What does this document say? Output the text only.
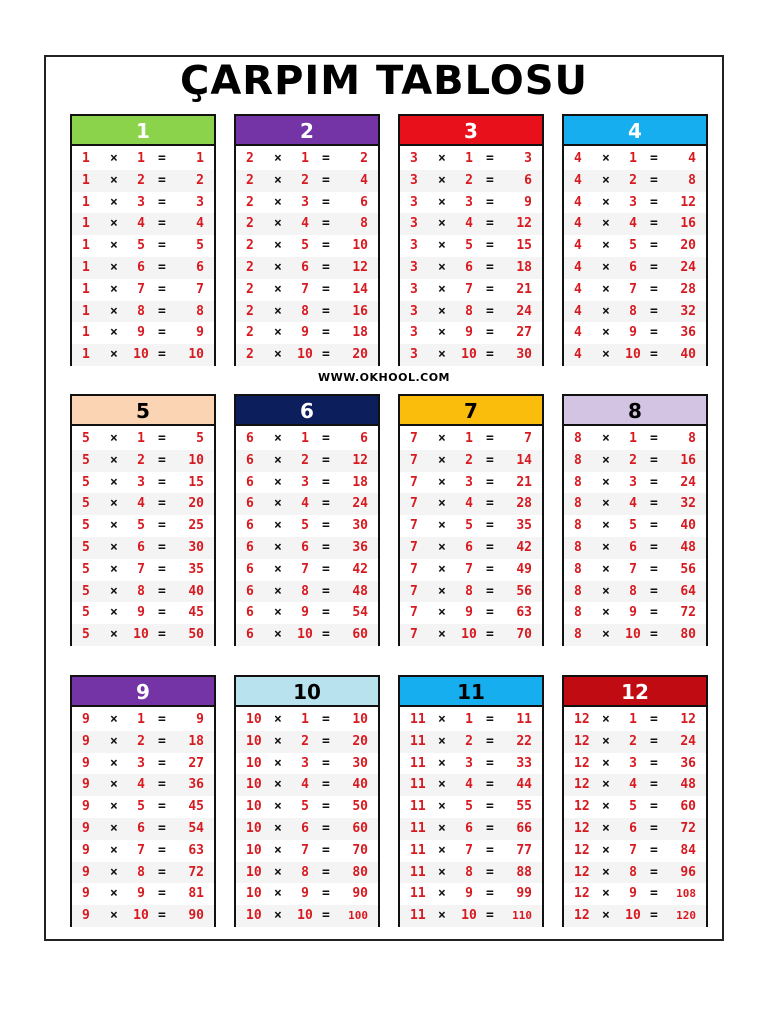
ÇARPIM TABLOSU
WWW.OKHOOL.COM
1
1 ×	1	= 1
1 ×	2	= 2
1 ×	3	= 3
1 ×	4	= 4
1 ×	5	= 5
1 ×	6	= 6
1 ×	7	= 7
1 ×	8	= 8
1 ×	9	= 9
1 × 10 = 10
2
2 ×	1	= 2
2 ×	2	= 4
2 ×	3	= 6
2 ×	4	= 8
2 ×	5	= 10
2 ×	6	= 12
2 ×	7	= 14
2 ×	8	= 16
2 ×	9	= 18
2 × 10 = 20
3
3 ×	1	= 3
3 ×	2	= 6
3 ×	3	= 9
3 ×	4	= 12
3 ×	5	= 15
3 ×	6	= 18
3 ×	7	= 21
3 ×	8	= 24
3 ×	9	= 27
3 × 10 = 30
4
4 ×	1	= 4
4 ×	2	= 8
4 ×	3	= 12
4 ×	4	= 16
4 ×	5	= 20
4 ×	6	= 24
4 ×	7	= 28
4 ×	8	= 32
4 ×	9	= 36
4 × 10 = 40
5
5 ×	1	= 5
5 ×	2	= 10
5 ×	3	= 15
5 ×	4	= 20
5 ×	5	= 25
5 ×	6	= 30
5 ×	7	= 35
5 ×	8	= 40
5 ×	9	= 45
5 × 10 = 50
6
6 ×	1	= 6
6 ×	2	= 12
6 ×	3	= 18
6 ×	4	= 24
6 ×	5	= 30
6 ×	6	= 36
6 ×	7	= 42
6 ×	8	= 48
6 ×	9	= 54
6 × 10 = 60
7
7 ×	1	= 7
7 ×	2	= 14
7 ×	3	= 21
7 ×	4	= 28
7 ×	5	= 35
7 ×	6	= 42
7 ×	7	= 49
7 ×	8	= 56
7 ×	9	= 63
7 × 10 = 70
8
8 ×	1	= 8
8 ×	2	= 16
8 ×	3	= 24
8 ×	4	= 32
8 ×	5	= 40
8 ×	6	= 48
8 ×	7	= 56
8 ×	8	= 64
8 ×	9	= 72
8 × 10 = 80
9
9 ×	1	= 9
9 ×	2	= 18
9 ×	3	= 27
9 ×	4	= 36
9 ×	5	= 45
9 ×	6	= 54
9 ×	7	= 63
9 ×	8	= 72
9 ×	9	= 81
9 × 10 = 90
10
10 ×	1	= 10
10 ×	2	= 20
10 ×	3	= 30
10 ×	4	= 40
10 ×	5	= 50
10 ×	6	= 60
10 ×	7	= 70
10 ×	8	= 80
10 ×	9	= 90
10 × 10 = 100
11
11 ×	1	= 11
11 ×	2	= 22
11 ×	3	= 33
11 ×	4	= 44
11 ×	5	= 55
11 ×	6	= 66
11 ×	7	= 77
11 ×	8	= 88
11 ×	9	= 99
11 × 10 = 110
12
12 ×	1	= 12
12 ×	2	= 24
12 ×	3	= 36
12 ×	4	= 48
12 ×	5	= 60
12 ×	6	= 72
12 ×	7	= 84
12 ×	8	= 96
12 ×	9	= 108
12 × 10 = 120
